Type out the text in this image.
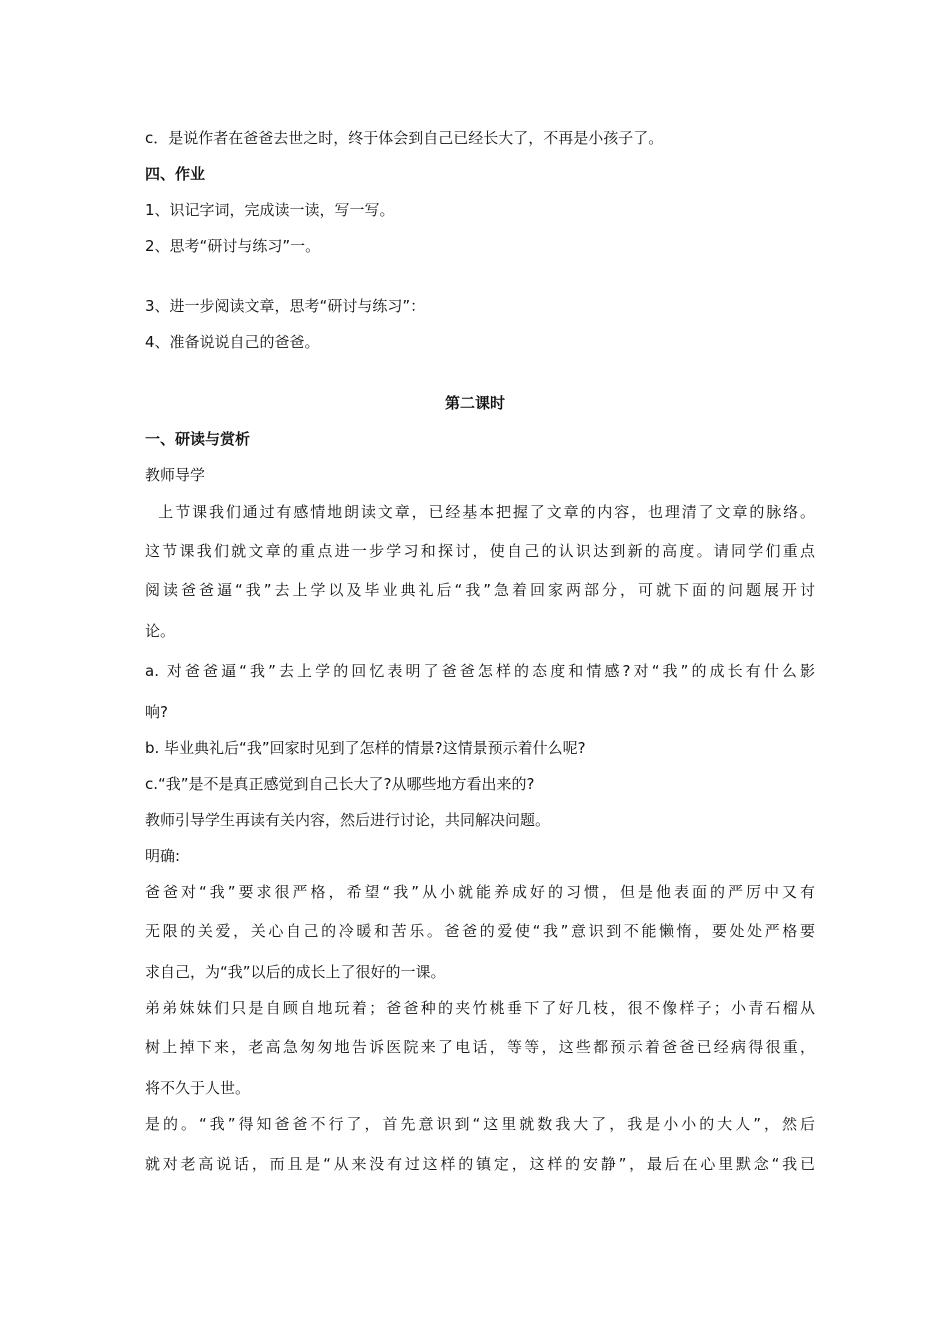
c．是说作者在爸爸去世之时，终于体会到自己已经长大了，不再是小孩子了。
四、作业
1、识记字词，完成读一读，写一写。
2、思考“研讨与练习”一。
3、进一步阅读文章，思考“研讨与练习”：
4、准备说说自己的爸爸。
第二课时
一、研读与赏析
教师导学
上节课我们通过有感情地朗读文章，已经基本把握了文章的内容，也理清了文章的脉络。
这节课我们就文章的重点进一步学习和探讨，使自己的认识达到新的高度。请同学们重点
阅读爸爸逼“我”去上学以及毕业典礼后“我”急着回家两部分，可就下面的问题展开讨
论。
a. 对爸爸逼“我”去上学的回忆表明了爸爸怎样的态度和情感?对“我”的成长有什么影
响?
b. 毕业典礼后“我”回家时见到了怎样的情景?这情景预示着什么呢?
c.“我”是不是真正感觉到自己长大了?从哪些地方看出来的?
教师引导学生再读有关内容，然后进行讨论，共同解决问题。
明确:
爸爸对“我”要求很严格，希望“我”从小就能养成好的习惯，但是他表面的严厉中又有
无限的关爱，关心自己的冷暖和苦乐。爸爸的爱使“我”意识到不能懒惰，要处处严格要
求自己，为“我”以后的成长上了很好的一课。
弟弟妹妹们只是自顾自地玩着；爸爸种的夹竹桃垂下了好几枝，很不像样子；小青石榴从
树上掉下来，老高急匆匆地告诉医院来了电话，等等，这些都预示着爸爸已经病得很重，
将不久于人世。
是的。“我”得知爸爸不行了，首先意识到“这里就数我大了，我是小小的大人”，然后
就对老高说话，而且是“从来没有过这样的镇定，这样的安静”，最后在心里默念“我已
